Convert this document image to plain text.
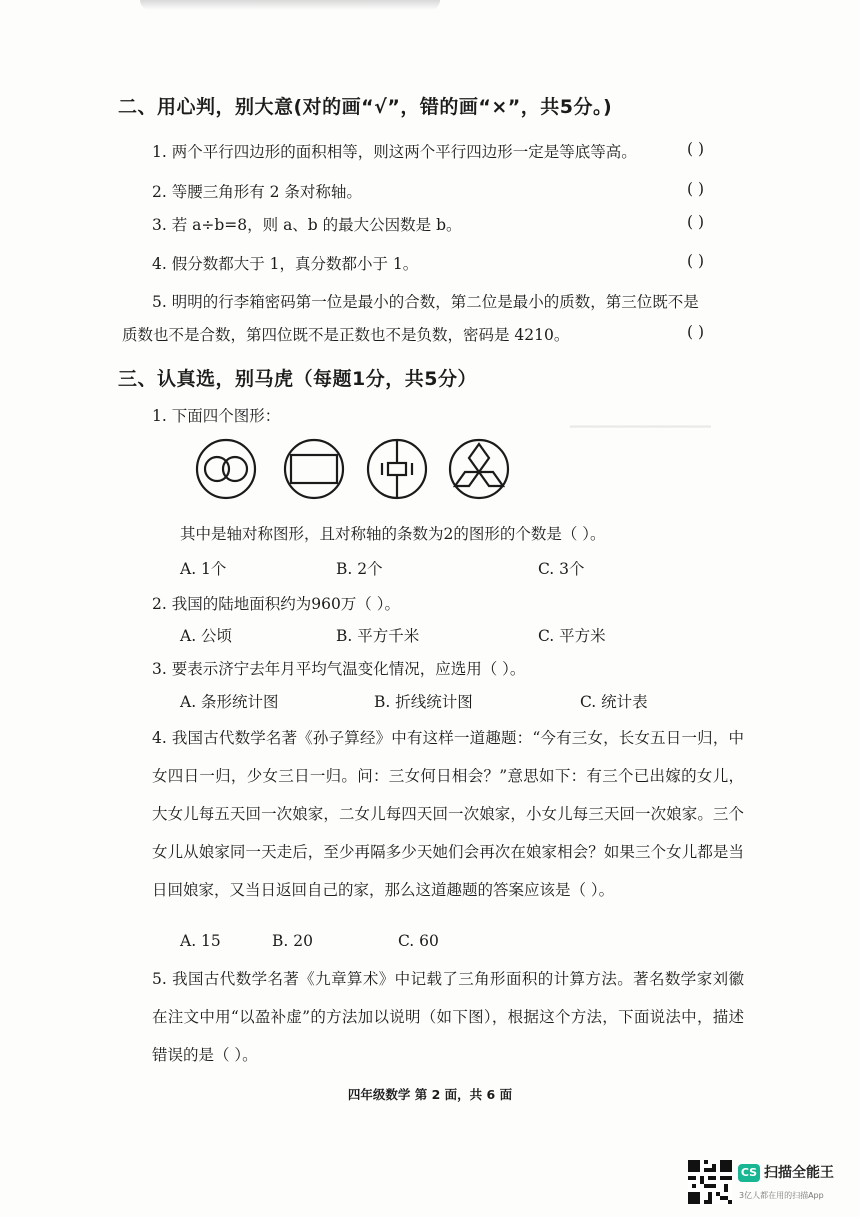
━━━━━━━━━━━━━━━━━━
二、用心判，别大意(对的画“√”，错的画“×”，共5分。)
1. 两个平行四边形的面积相等，则这两个平行四边形一定是等底等高。	( )
2. 等腰三角形有 2 条对称轴。	( )
3. 若 a÷b=8，则 a、b 的最大公因数是 b。	( )
4. 假分数都大于 1，真分数都小于 1。	( )
5. 明明的行李箱密码第一位是最小的合数，第二位是最小的质数，第三位既不是
质数也不是合数，第四位既不是正数也不是负数，密码是 4210。	( )
三、认真选，别马虎（每题1分，共5分）
1. 下面四个图形：
其中是轴对称图形，且对称轴的条数为2的图形的个数是（ ）。
A. 1个	B. 2个	C. 3个
2. 我国的陆地面积约为960万（ ）。
A. 公顷	B. 平方千米	C. 平方米
3. 要表示济宁去年月平均气温变化情况，应选用（ ）。
A. 条形统计图	B. 折线统计图	C. 统计表
4. 我国古代数学名著《孙子算经》中有这样一道趣题：“今有三女，长女五日一归，中女四日一归，少女三日一归。问：三女何日相会？”意思如下：有三个已出嫁的女儿，大女儿每五天回一次娘家，二女儿每四天回一次娘家，小女儿每三天回一次娘家。三个女儿从娘家同一天走后，至少再隔多少天她们会再次在娘家相会？如果三个女儿都是当日回娘家，又当日返回自己的家，那么这道趣题的答案应该是（ ）。
A. 15	B. 20	C. 60
5. 我国古代数学名著《九章算术》中记载了三角形面积的计算方法。著名数学家刘徽在注文中用“以盈补虚”的方法加以说明（如下图），根据这个方法，下面说法中，描述错误的是（ ）。
四年级数学 第 2 面，共 6 面
CS 扫描全能王
3亿人都在用的扫描App
